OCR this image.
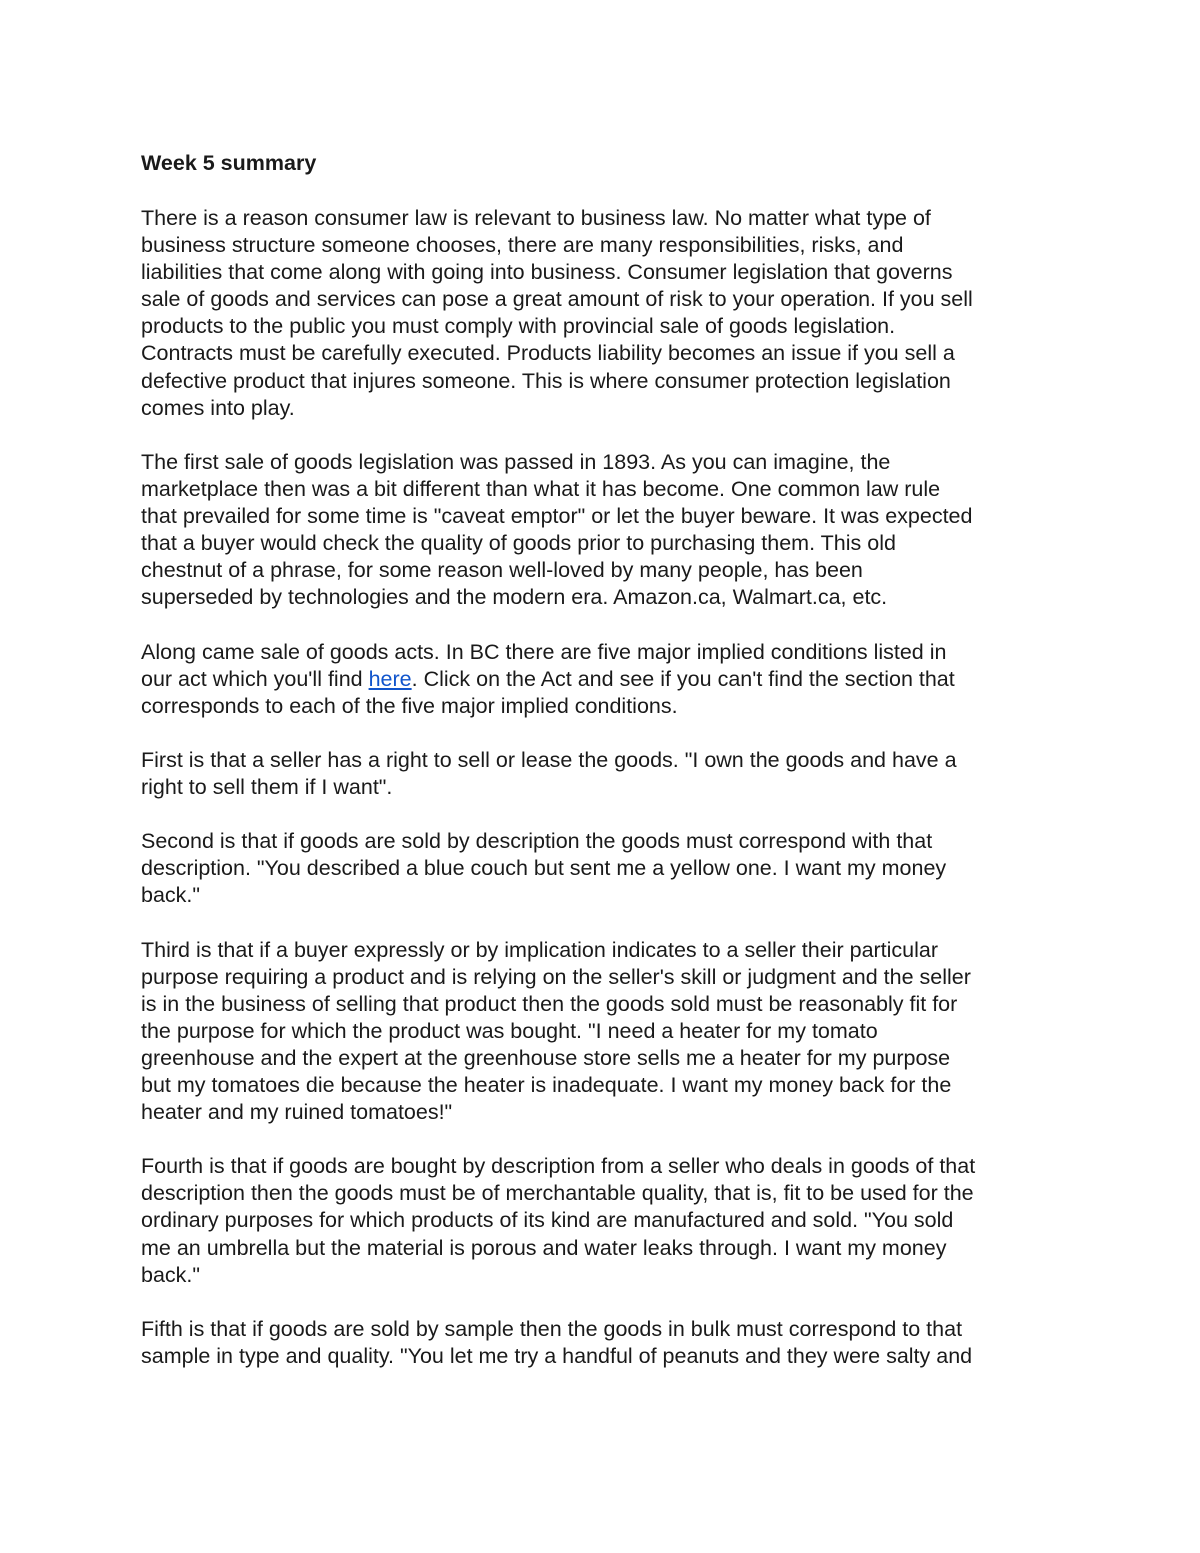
Week 5 summary
There is a reason consumer law is relevant to business law. No matter what type of
business structure someone chooses, there are many responsibilities, risks, and
liabilities that come along with going into business. Consumer legislation that governs
sale of goods and services can pose a great amount of risk to your operation. If you sell
products to the public you must comply with provincial sale of goods legislation.
Contracts must be carefully executed. Products liability becomes an issue if you sell a
defective product that injures someone. This is where consumer protection legislation
comes into play.
The first sale of goods legislation was passed in 1893. As you can imagine, the
marketplace then was a bit different than what it has become. One common law rule
that prevailed for some time is "caveat emptor" or let the buyer beware. It was expected
that a buyer would check the quality of goods prior to purchasing them. This old
chestnut of a phrase, for some reason well-loved by many people, has been
superseded by technologies and the modern era. Amazon.ca, Walmart.ca, etc.
Along came sale of goods acts. In BC there are five major implied conditions listed in
our act which you'll find here. Click on the Act and see if you can't find the section that
corresponds to each of the five major implied conditions.
First is that a seller has a right to sell or lease the goods. "I own the goods and have a
right to sell them if I want".
Second is that if goods are sold by description the goods must correspond with that
description. "You described a blue couch but sent me a yellow one. I want my money
back."
Third is that if a buyer expressly or by implication indicates to a seller their particular
purpose requiring a product and is relying on the seller's skill or judgment and the seller
is in the business of selling that product then the goods sold must be reasonably fit for
the purpose for which the product was bought. "I need a heater for my tomato
greenhouse and the expert at the greenhouse store sells me a heater for my purpose
but my tomatoes die because the heater is inadequate. I want my money back for the
heater and my ruined tomatoes!"
Fourth is that if goods are bought by description from a seller who deals in goods of that
description then the goods must be of merchantable quality, that is, fit to be used for the
ordinary purposes for which products of its kind are manufactured and sold. "You sold
me an umbrella but the material is porous and water leaks through. I want my money
back."
Fifth is that if goods are sold by sample then the goods in bulk must correspond to that
sample in type and quality. "You let me try a handful of peanuts and they were salty and
